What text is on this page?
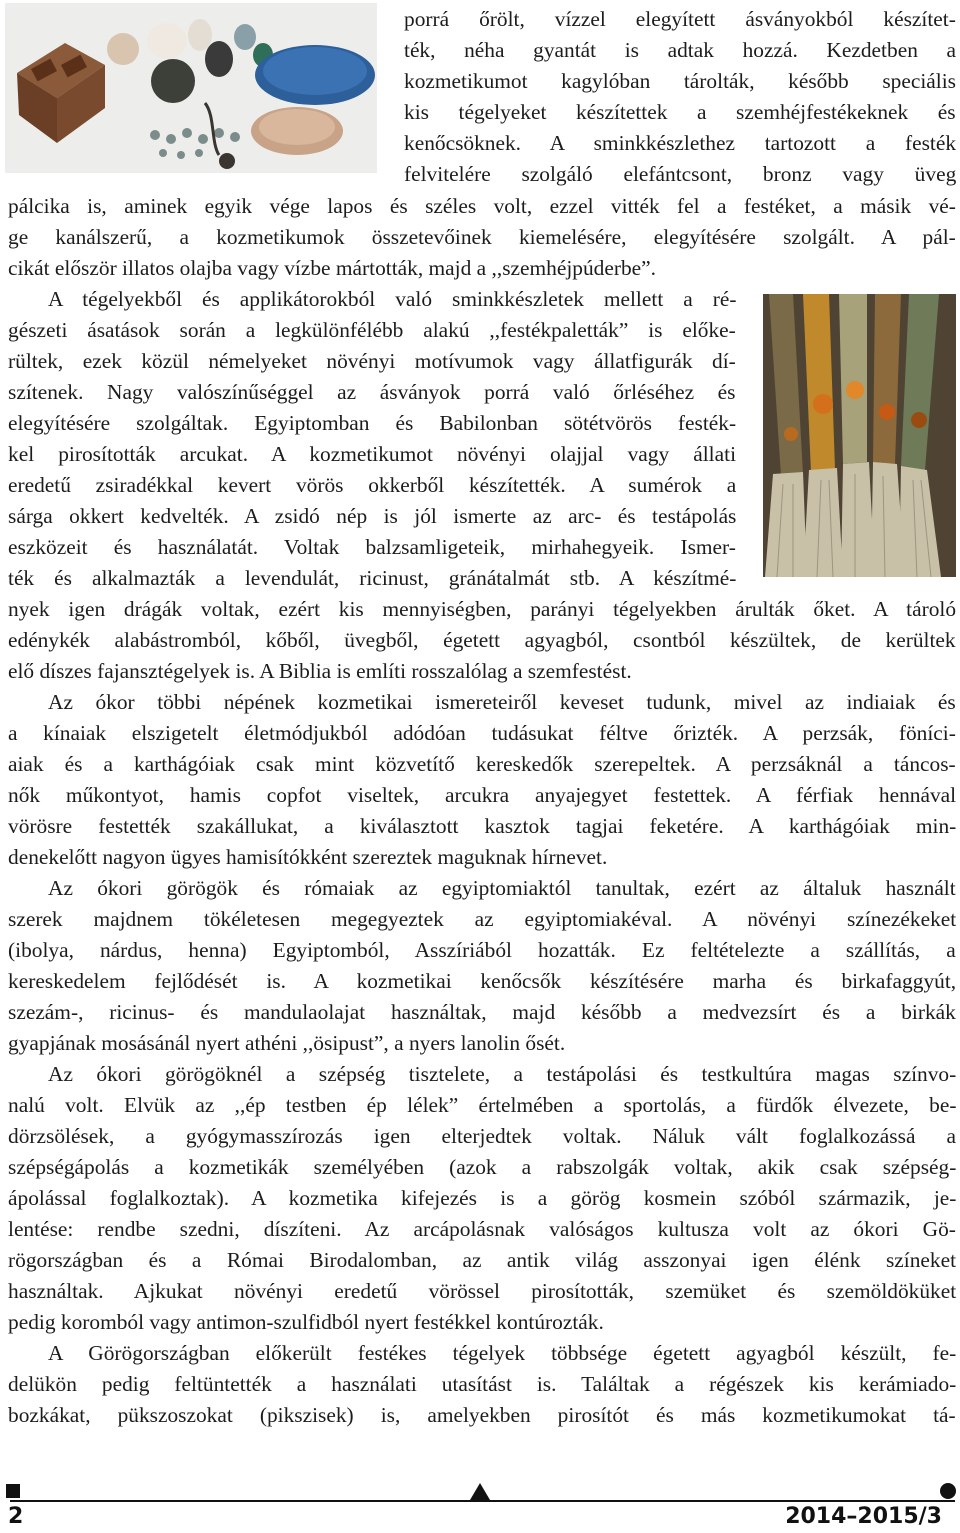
porrá őrölt, vízzel elegyített ásványokból készítet-
ték, néha gyantát is adtak hozzá. Kezdetben a
kozmetikumot kagylóban tárolták, később speciális
kis tégelyeket készítettek a szemhéjfestékeknek és
kenőcsöknek. A sminkkészlethez tartozott a festék
felvitelére szolgáló elefántcsont, bronz vagy üveg
pálcika is, aminek egyik vége lapos és széles volt, ezzel vitték fel a festéket, a másik vé-
ge kanálszerű, a kozmetikumok összetevőinek kiemelésére, elegyítésére szolgált. A pál-
cikát először illatos olajba vagy vízbe mártották, majd a ,,szemhéjpúderbe”.
A tégelyekből és applikátorokból való sminkkészletek mellett a ré-
gészeti ásatások során a legkülönfélébb alakú ,,festékpaletták” is előke-
rültek, ezek közül némelyeket növényi motívumok vagy állatfigurák dí-
szítenek. Nagy valószínűséggel az ásványok porrá való őrléséhez és
elegyítésére szolgáltak. Egyiptomban és Babilonban sötétvörös festék-
kel pirosították arcukat. A kozmetikumot növényi olajjal vagy állati
eredetű zsiradékkal kevert vörös okkerből készítették. A sumérok a
sárga okkert kedvelték. A zsidó nép is jól ismerte az arc- és testápolás
eszközeit és használatát. Voltak balzsamligeteik, mirhahegyeik. Ismer-
ték és alkalmazták a levendulát, ricinust, gránátalmát stb. A készítmé-
nyek igen drágák voltak, ezért kis mennyiségben, parányi tégelyekben árulták őket. A tároló
edénykék alabástromból, kőből, üvegből, égetett agyagból, csontból készültek, de kerültek
elő díszes fajansztégelyek is. A Biblia is említi rosszalólag a szemfestést.
Az ókor többi népének kozmetikai ismereteiről keveset tudunk, mivel az indiaiak és
a kínaiak elszigetelt életmódjukból adódóan tudásukat féltve őrizték. A perzsák, föníci-
aiak és a karthágóiak csak mint közvetítő kereskedők szerepeltek. A perzsáknál a táncos-
nők műkontyot, hamis copfot viseltek, arcukra anyajegyet festettek. A férfiak hennával
vörösre festették szakállukat, a kiválasztott kasztok tagjai feketére. A karthágóiak min-
denekelőtt nagyon ügyes hamisítókként szereztek maguknak hírnevet.
Az ókori görögök és rómaiak az egyiptomiaktól tanultak, ezért az általuk használt
szerek majdnem tökéletesen megegyeztek az egyiptomiakéval. A növényi színezékeket
(ibolya, nárdus, henna) Egyiptomból, Asszíriából hozatták. Ez feltételezte a szállítás, a
kereskedelem fejlődését is. A kozmetikai kenőcsők készítésére marha és birkafaggyút,
szezám-, ricinus- és mandulaolajat használtak, majd később a medvezsírt és a birkák
gyapjának mosásánál nyert athéni ,,ösipust”, a nyers lanolin ősét.
Az ókori görögöknél a szépség tisztelete, a testápolási és testkultúra magas színvo-
nalú volt. Elvük az ,,ép testben ép lélek” értelmében a sportolás, a fürdők élvezete, be-
dörzsölések, a gyógymasszírozás igen elterjedtek voltak. Náluk vált foglalkozássá a
szépségápolás a kozmetikák személyében (azok a rabszolgák voltak, akik csak szépség-
ápolással foglalkoztak). A kozmetika kifejezés is a görög kosmein szóból származik, je-
lentése: rendbe szedni, díszíteni. Az arcápolásnak valóságos kultusza volt az ókori Gö-
rögországban és a Római Birodalomban, az antik világ asszonyai igen élénk színeket
használtak. Ajkukat növényi eredetű vörössel pirosították, szemüket és szemöldöküket
pedig koromból vagy antimon-szulfidból nyert festékkel kontúrozták.
A Görögországban előkerült festékes tégelyek többsége égetett agyagból készült, fe-
delükön pedig feltüntették a használati utasítást is. Találtak a régészek kis kerámiado-
bozkákat, pükszoszokat (pikszisek) is, amelyekben pirosítót és más kozmetikumokat tá-
2	2014–2015/3
